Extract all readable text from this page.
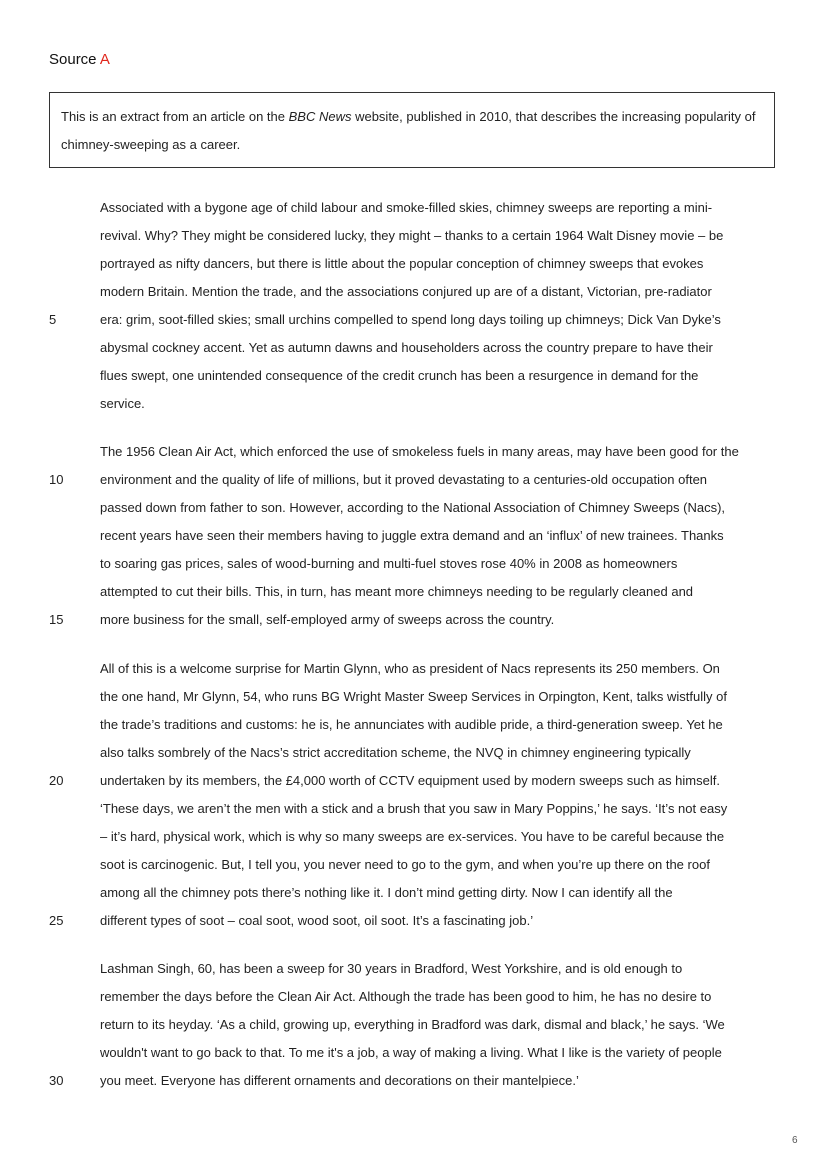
Source A
This is an extract from an article on the BBC News website, published in 2010, that describes the increasing popularity of chimney-sweeping as a career.
Associated with a bygone age of child labour and smoke-filled skies, chimney sweeps are reporting a mini-
revival. Why? They might be considered lucky, they might – thanks to a certain 1964 Walt Disney movie – be
portrayed as nifty dancers, but there is little about the popular conception of chimney sweeps that evokes
modern Britain. Mention the trade, and the associations conjured up are of a distant, Victorian, pre-radiator
era: grim, soot-filled skies; small urchins compelled to spend long days toiling up chimneys; Dick Van Dyke’s
abysmal cockney accent. Yet as autumn dawns and householders across the country prepare to have their
flues swept, one unintended consequence of the credit crunch has been a resurgence in demand for the
service.
The 1956 Clean Air Act, which enforced the use of smokeless fuels in many areas, may have been good for the
environment and the quality of life of millions, but it proved devastating to a centuries-old occupation often
passed down from father to son. However, according to the National Association of Chimney Sweeps (Nacs),
recent years have seen their members having to juggle extra demand and an ‘influx’ of new trainees. Thanks
to soaring gas prices, sales of wood-burning and multi-fuel stoves rose 40% in 2008 as homeowners
attempted to cut their bills. This, in turn, has meant more chimneys needing to be regularly cleaned and
more business for the small, self-employed army of sweeps across the country.
All of this is a welcome surprise for Martin Glynn, who as president of Nacs represents its 250 members. On
the one hand, Mr Glynn, 54, who runs BG Wright Master Sweep Services in Orpington, Kent, talks wistfully of
the trade’s traditions and customs: he is, he annunciates with audible pride, a third-generation sweep. Yet he
also talks sombrely of the Nacs’s strict accreditation scheme, the NVQ in chimney engineering typically
undertaken by its members, the £4,000 worth of CCTV equipment used by modern sweeps such as himself.
‘These days, we aren’t the men with a stick and a brush that you saw in Mary Poppins,’ he says. ‘It’s not easy
– it’s hard, physical work, which is why so many sweeps are ex-services. You have to be careful because the
soot is carcinogenic. But, I tell you, you never need to go to the gym, and when you’re up there on the roof
among all the chimney pots there’s nothing like it. I don’t mind getting dirty. Now I can identify all the
different types of soot – coal soot, wood soot, oil soot. It’s a fascinating job.’
Lashman Singh, 60, has been a sweep for 30 years in Bradford, West Yorkshire, and is old enough to
remember the days before the Clean Air Act. Although the trade has been good to him, he has no desire to
return to its heyday. ‘As a child, growing up, everything in Bradford was dark, dismal and black,’ he says. ‘We
wouldn't want to go back to that. To me it's a job, a way of making a living. What I like is the variety of people
you meet. Everyone has different ornaments and decorations on their mantelpiece.’
5
10
15
20
25
30
6
